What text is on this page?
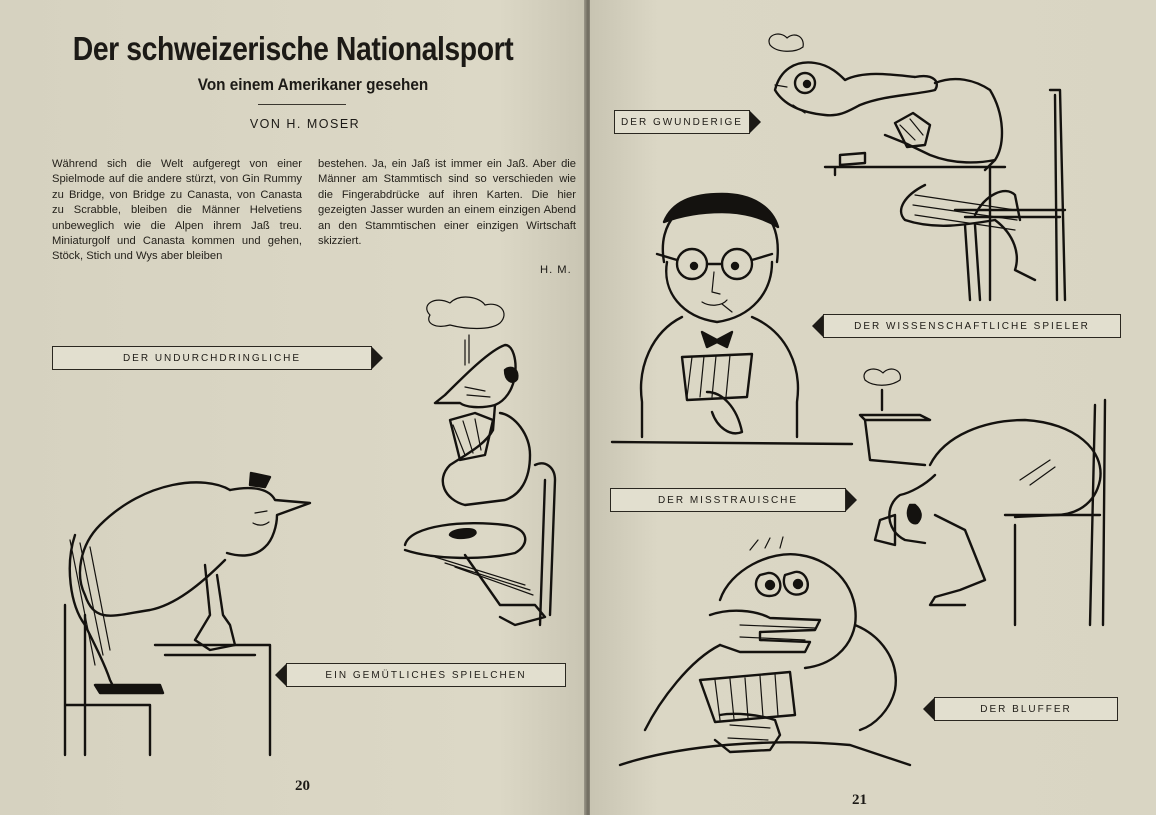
Der schweizerische Nationalsport
Von einem Amerikaner gesehen
VON H. MOSER

Während sich die Welt aufgeregt von einer Spielmode auf die andere stürzt, von Gin Rummy zu Bridge, von Bridge zu Canasta, von Canasta zu Scrabble, bleiben die Männer Helvetiens unbeweglich wie die Alpen ihrem Jaß treu. Miniaturgolf und Canasta kommen und gehen, Stöck, Stich und Wys aber bleiben

bestehen. Ja, ein Jaß ist immer ein Jaß. Aber die Männer am Stammtisch sind so verschieden wie die Fingerabdrücke auf ihren Karten. Die hier gezeigten Jasser wurden an einem einzigen Abend an den Stammtischen einer einzigen Wirtschaft skizziert.

H. M.
DER UNDURCHDRINGLICHE
EIN GEMÜTLICHES SPIELCHEN
20
DER GWUNDERIGE
DER WISSENSCHAFTLICHE SPIELER
DER MISSTRAUISCHE
DER BLUFFER
21
